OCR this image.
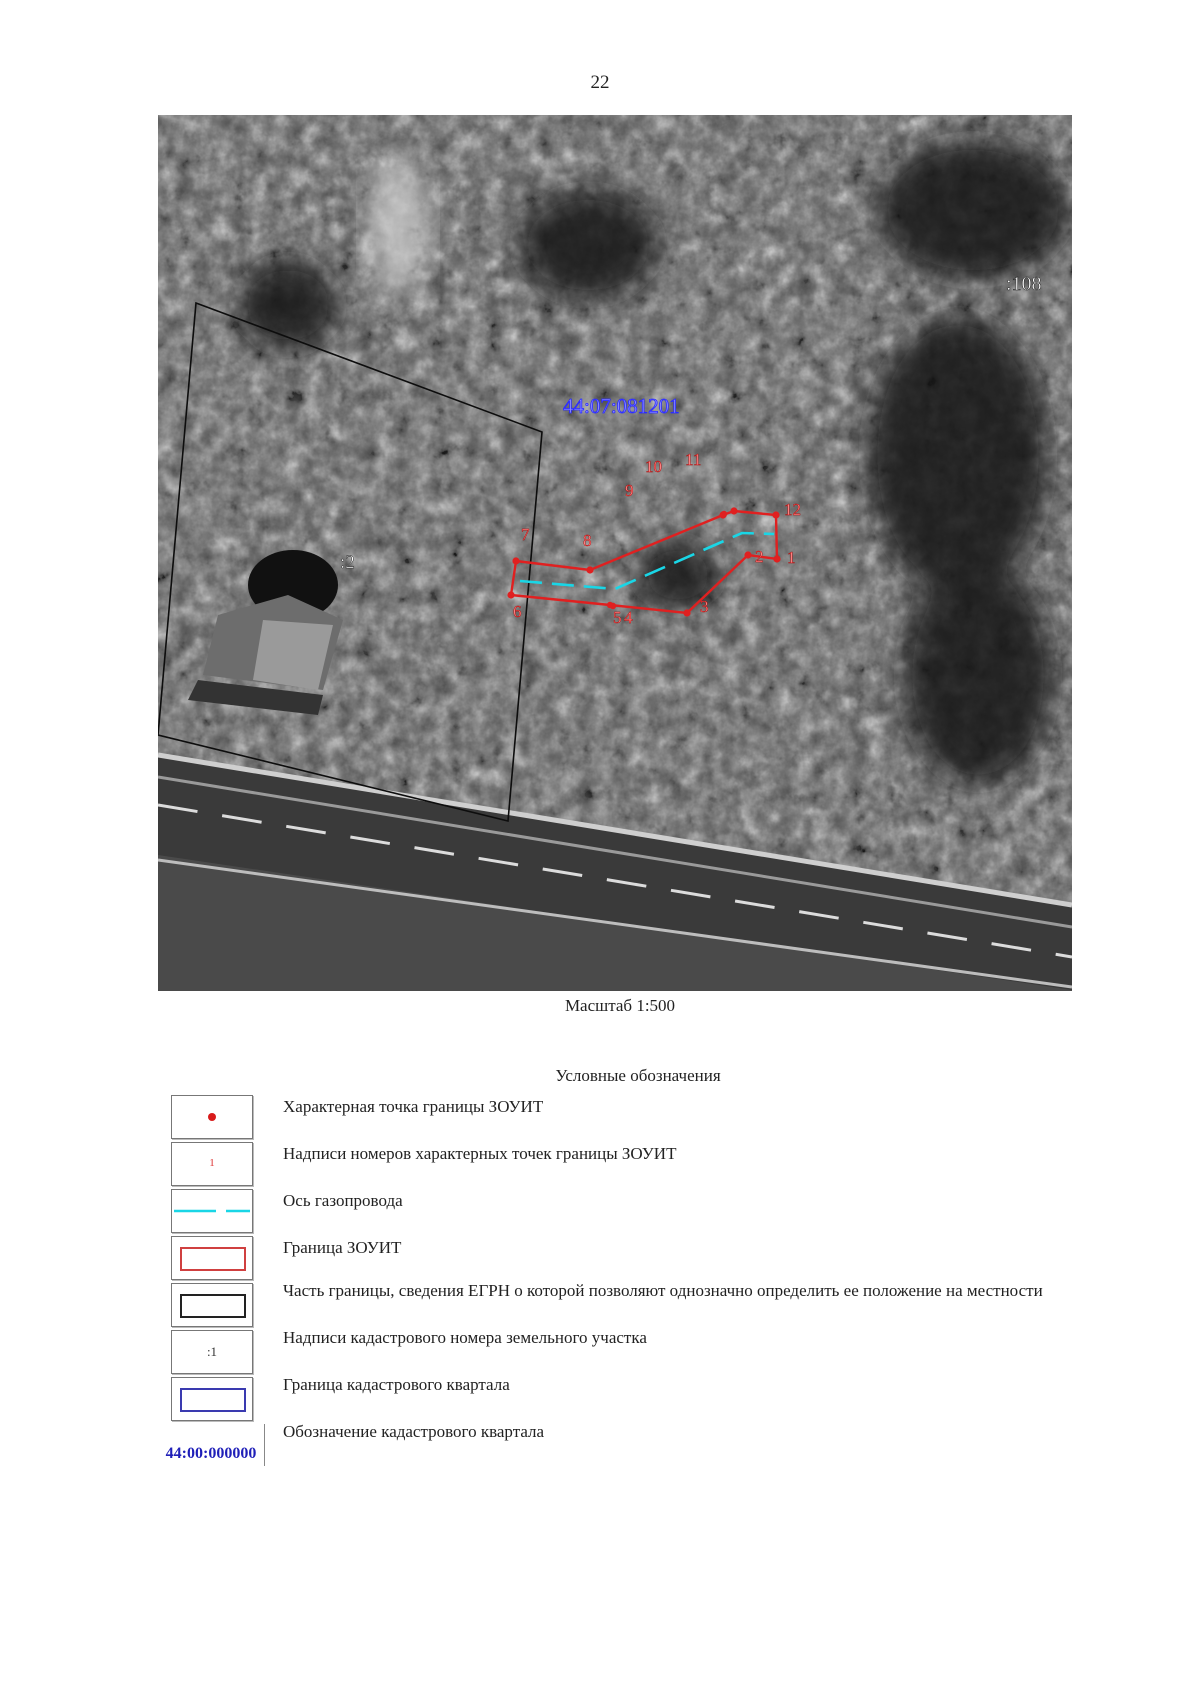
22
1
2
3
4
5
6
7	8
9
10 11
12
44:07:081201
:108
:2
Масштаб 1:500
Условные обозначения
Характерная точка границы ЗОУИТ
1	Надписи номеров характерных точек границы ЗОУИТ
Ось газопровода
Граница ЗОУИТ
Часть границы, сведения ЕГРН о которой позволяют однозначно определить ее положение на местности
:1
Надписи кадастрового номера земельного участка
Граница кадастрового квартала
44:00:000000
Обозначение кадастрового квартала
